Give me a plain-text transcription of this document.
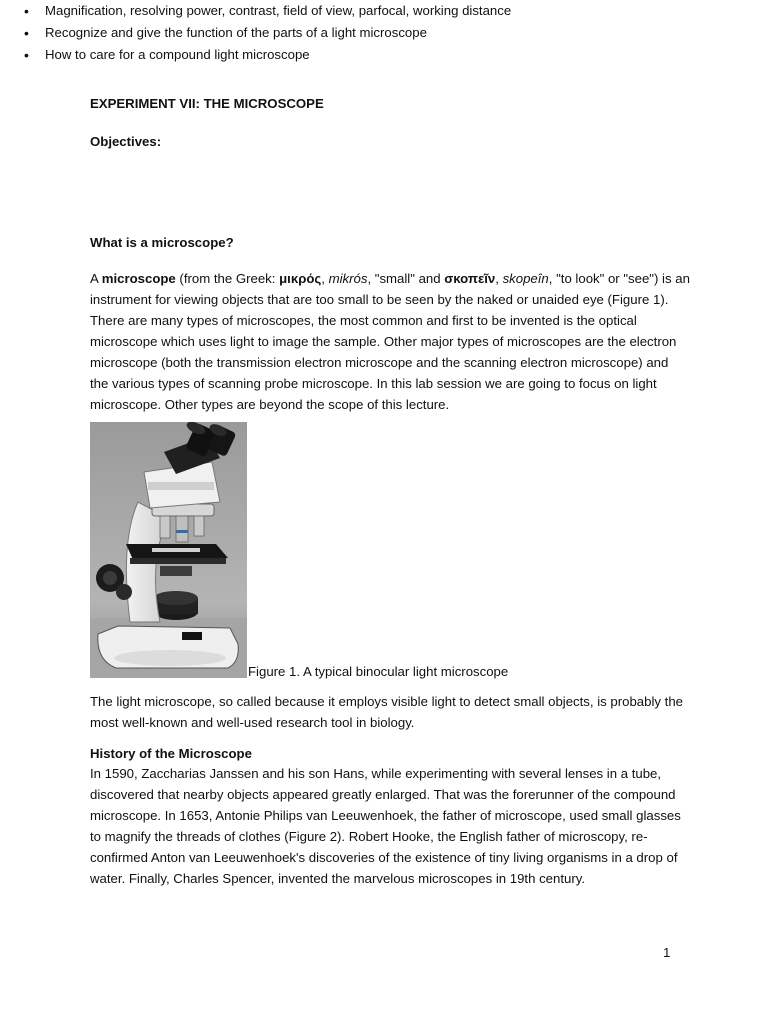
EXPERIMENT VII: THE MICROSCOPE
Objectives:
• Magnification, resolving power, contrast, field of view, parfocal, working distance
• Recognize and give the function of the parts of a light microscope
• How to care for a compound light microscope
What is a microscope?
A microscope (from the Greek: μικρός, mikrós, "small" and σκοπεῖν, skopeîn, "to look" or "see") is an instrument for viewing objects that are too small to be seen by the naked or unaided eye (Figure 1). There are many types of microscopes, the most common and first to be invented is the optical microscope which uses light to image the sample. Other major types of microscopes are the electron microscope (both the transmission electron microscope and the scanning electron microscope) and the various types of scanning probe microscope. In this lab session we are going to focus on light microscope. Other types are beyond the scope of this lecture.
Figure 1. A typical binocular light microscope
The light microscope, so called because it employs visible light to detect small objects, is probably the most well-known and well-used research tool in biology.
History of the Microscope
In 1590, Zaccharias Janssen and his son Hans, while experimenting with several lenses in a tube, discovered that nearby objects appeared greatly enlarged. That was the forerunner of the compound microscope. In 1653, Antonie Philips van Leeuwenhoek, the father of microscope, used small glasses to magnify the threads of clothes (Figure 2). Robert Hooke, the English father of microscopy, re-confirmed Anton van Leeuwenhoek's discoveries of the existence of tiny living organisms in a drop of water. Finally, Charles Spencer, invented the marvelous microscopes in 19th century.
1
